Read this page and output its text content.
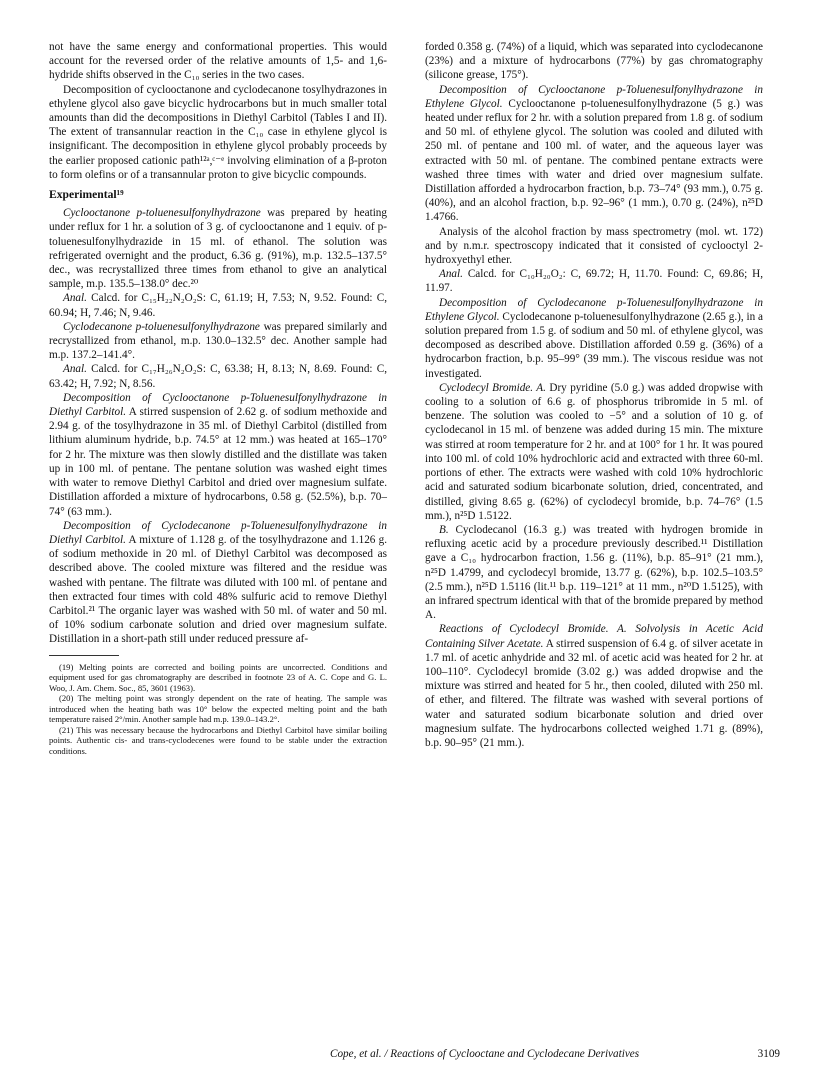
not have the same energy and conformational properties. This would account for the reversed order of the relative amounts of 1,5- and 1,6-hydride shifts observed in the C₁₀ series in the two cases.

Decomposition of cyclooctanone and cyclodecanone tosylhydrazones in ethylene glycol also gave bicyclic hydrocarbons but in much smaller total amounts than did the decompositions in Diethyl Carbitol (Tables I and II). The extent of transannular reaction in the C₁₀ case in ethylene glycol is insignificant. The decomposition in ethylene glycol probably proceeds by the earlier proposed cationic path¹²ᵃ,ᶜ⁻ᵉ involving elimination of a β-proton to form olefins or of a transannular proton to give bicyclic compounds.

Experimental¹⁹

Cyclooctanone p-toluenesulfonylhydrazone was prepared by heating under reflux for 1 hr. a solution of 3 g. of cyclooctanone and 1 equiv. of p-toluenesulfonylhydrazide in 15 ml. of ethanol. The solution was refrigerated overnight and the product, 6.36 g. (91%), m.p. 132.5–137.5° dec., was recrystallized three times from ethanol to give an analytical sample, m.p. 135.5–138.0° dec.²⁰

Anal. Calcd. for C₁₅H₂₂N₂O₂S: C, 61.19; H, 7.53; N, 9.52. Found: C, 60.94; H, 7.46; N, 9.46.

Cyclodecanone p-toluenesulfonylhydrazone was prepared similarly and recrystallized from ethanol, m.p. 130.0–132.5° dec. Another sample had m.p. 137.2–141.4°.

Anal. Calcd. for C₁₇H₂₆N₂O₂S: C, 63.38; H, 8.13; N, 8.69. Found: C, 63.42; H, 7.92; N, 8.56.

Decomposition of Cyclooctanone p-Toluenesulfonylhydrazone in Diethyl Carbitol. A stirred suspension of 2.62 g. of sodium methoxide and 2.94 g. of the tosylhydrazone in 35 ml. of Diethyl Carbitol (distilled from lithium aluminum hydride, b.p. 74.5° at 12 mm.) was heated at 165–170° for 2 hr. The mixture was then slowly distilled and the distillate was taken up in 100 ml. of pentane. The pentane solution was washed eight times with water to remove Diethyl Carbitol and dried over magnesium sulfate. Distillation afforded a mixture of hydrocarbons, 0.58 g. (52.5%), b.p. 70–74° (63 mm.).

Decomposition of Cyclodecanone p-Toluenesulfonylhydrazone in Diethyl Carbitol. A mixture of 1.128 g. of the tosylhydrazone and 1.126 g. of sodium methoxide in 20 ml. of Diethyl Carbitol was decomposed as described above. The cooled mixture was filtered and the residue was washed with pentane. The filtrate was diluted with 100 ml. of pentane and then extracted four times with cold 48% sulfuric acid to remove Diethyl Carbitol.²¹ The organic layer was washed with 50 ml. of water and 50 ml. of 10% sodium carbonate solution and dried over magnesium sulfate. Distillation in a short-path still under reduced pressure af-

(19) Melting points are corrected and boiling points are uncorrected. Conditions and equipment used for gas chromatography are described in footnote 23 of A. C. Cope and G. L. Woo, J. Am. Chem. Soc., 85, 3601 (1963).

(20) The melting point was strongly dependent on the rate of heating. The sample was introduced when the heating bath was 10° below the expected melting point and the bath temperature raised 2°/min. Another sample had m.p. 139.0–143.2°.

(21) This was necessary because the hydrocarbons and Diethyl Carbitol have similar boiling points. Authentic cis- and trans-cyclodecenes were found to be stable under the extraction conditions.

forded 0.358 g. (74%) of a liquid, which was separated into cyclodecanone (23%) and a mixture of hydrocarbons (77%) by gas chromatography (silicone grease, 175°).

Decomposition of Cyclooctanone p-Toluenesulfonylhydrazone in Ethylene Glycol. Cyclooctanone p-toluenesulfonylhydrazone (5 g.) was heated under reflux for 2 hr. with a solution prepared from 1.8 g. of sodium and 50 ml. of ethylene glycol. The solution was cooled and diluted with 250 ml. of pentane and 100 ml. of water, and the aqueous layer was extracted with 50 ml. of pentane. The combined pentane extracts were washed three times with water and dried over magnesium sulfate. Distillation afforded a hydrocarbon fraction, b.p. 73–74° (93 mm.), 0.75 g. (40%), and an alcohol fraction, b.p. 92–96° (1 mm.), 0.70 g. (24%), n²⁵D 1.4766.

Analysis of the alcohol fraction by mass spectrometry (mol. wt. 172) and by n.m.r. spectroscopy indicated that it consisted of cyclooctyl 2-hydroxyethyl ether.

Anal. Calcd. for C₁₀H₂₀O₂: C, 69.72; H, 11.70. Found: C, 69.86; H, 11.97.

Decomposition of Cyclodecanone p-Toluenesulfonylhydrazone in Ethylene Glycol. Cyclodecanone p-toluenesulfonylhydrazone (2.65 g.), in a solution prepared from 1.5 g. of sodium and 50 ml. of ethylene glycol, was decomposed as described above. Distillation afforded 0.59 g. (36%) of a hydrocarbon fraction, b.p. 95–99° (39 mm.). The viscous residue was not investigated.

Cyclodecyl Bromide. A. Dry pyridine (5.0 g.) was added dropwise with cooling to a solution of 6.6 g. of phosphorus tribromide in 5 ml. of benzene. The solution was cooled to −5° and a solution of 10 g. of cyclodecanol in 15 ml. of benzene was added during 15 min. The mixture was stirred at room temperature for 2 hr. and at 100° for 1 hr. It was poured into 100 ml. of cold 10% hydrochloric acid and extracted with three 60-ml. portions of ether. The extracts were washed with cold 10% hydrochloric acid and saturated sodium bicarbonate solution, dried, concentrated, and distilled, giving 8.65 g. (62%) of cyclodecyl bromide, b.p. 74–76° (1.5 mm.), n²⁵D 1.5122.

B. Cyclodecanol (16.3 g.) was treated with hydrogen bromide in refluxing acetic acid by a procedure previously described.¹¹ Distillation gave a C₁₀ hydrocarbon fraction, 1.56 g. (11%), b.p. 85–91° (21 mm.), n²⁵D 1.4799, and cyclodecyl bromide, 13.77 g. (62%), b.p. 102.5–103.5° (2.5 mm.), n²⁵D 1.5116 (lit.¹¹ b.p. 119–121° at 11 mm., n²⁰D 1.5125), with an infrared spectrum identical with that of the bromide prepared by method A.

Reactions of Cyclodecyl Bromide. A. Solvolysis in Acetic Acid Containing Silver Acetate. A stirred suspension of 6.4 g. of silver acetate in 1.7 ml. of acetic anhydride and 32 ml. of acetic acid was heated for 2 hr. at 100–110°. Cyclodecyl bromide (3.02 g.) was added dropwise and the mixture was stirred and heated for 5 hr., then cooled, diluted with 250 ml. of ether, and filtered. The filtrate was washed with several portions of water and saturated sodium bicarbonate solution and dried over magnesium sulfate. The hydrocarbons collected weighed 1.71 g. (89%), b.p. 90–95° (21 mm.).

Cope, et al. / Reactions of Cyclooctane and Cyclodecane Derivatives	3109
